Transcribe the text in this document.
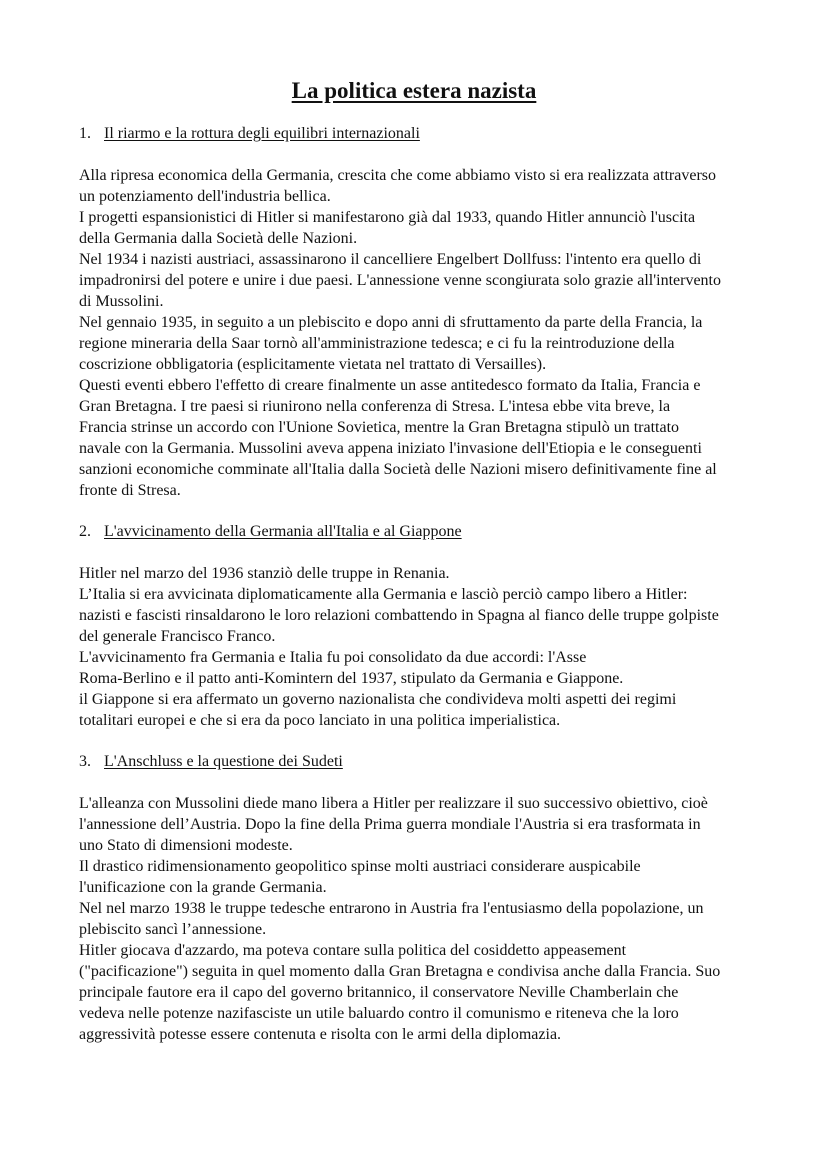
La politica estera nazista
1. Il riarmo e la rottura degli equilibri internazionali
Alla ripresa economica della Germania, crescita che come abbiamo visto si era realizzata attraverso
un potenziamento dell'industria bellica.
I progetti espansionistici di Hitler si manifestarono già dal 1933, quando Hitler annunciò l'uscita
della Germania dalla Società delle Nazioni.
Nel 1934 i nazisti austriaci, assassinarono il cancelliere Engelbert Dollfuss: l'intento era quello di
impadronirsi del potere e unire i due paesi. L'annessione venne scongiurata solo grazie all'intervento
di Mussolini.
Nel gennaio 1935, in seguito a un plebiscito e dopo anni di sfruttamento da parte della Francia, la
regione mineraria della Saar tornò all'amministrazione tedesca; e ci fu la reintroduzione della
coscrizione obbligatoria (esplicitamente vietata nel trattato di Versailles).
Questi eventi ebbero l'effetto di creare finalmente un asse antitedesco formato da Italia, Francia e
Gran Bretagna. I tre paesi si riunirono nella conferenza di Stresa. L'intesa ebbe vita breve, la
Francia strinse un accordo con l'Unione Sovietica, mentre la Gran Bretagna stipulò un trattato
navale con la Germania. Mussolini aveva appena iniziato l'invasione dell'Etiopia e le conseguenti
sanzioni economiche comminate all'Italia dalla Società delle Nazioni misero definitivamente fine al
fronte di Stresa.
2. L'avvicinamento della Germania all'Italia e al Giappone
Hitler nel marzo del 1936 stanziò delle truppe in Renania.
L’Italia si era avvicinata diplomaticamente alla Germania e lasciò perciò campo libero a Hitler:
nazisti e fascisti rinsaldarono le loro relazioni combattendo in Spagna al fianco delle truppe golpiste
del generale Francisco Franco.
L'avvicinamento fra Germania e Italia fu poi consolidato da due accordi: l'Asse
Roma-Berlino e il patto anti-Komintern del 1937, stipulato da Germania e Giappone.
il Giappone si era affermato un governo nazionalista che condivideva molti aspetti dei regimi
totalitari europei e che si era da poco lanciato in una politica imperialistica.
3. L'Anschluss e la questione dei Sudeti
L'alleanza con Mussolini diede mano libera a Hitler per realizzare il suo successivo obiettivo, cioè
l'annessione dell’Austria. Dopo la fine della Prima guerra mondiale l'Austria si era trasformata in
uno Stato di dimensioni modeste.
Il drastico ridimensionamento geopolitico spinse molti austriaci considerare auspicabile
l'unificazione con la grande Germania.
Nel nel marzo 1938 le truppe tedesche entrarono in Austria fra l'entusiasmo della popolazione, un
plebiscito sancì l’annessione.
Hitler giocava d'azzardo, ma poteva contare sulla politica del cosiddetto appeasement
("pacificazione") seguita in quel momento dalla Gran Bretagna e condivisa anche dalla Francia. Suo
principale fautore era il capo del governo britannico, il conservatore Neville Chamberlain che
vedeva nelle potenze nazifasciste un utile baluardo contro il comunismo e riteneva che la loro
aggressività potesse essere contenuta e risolta con le armi della diplomazia.
